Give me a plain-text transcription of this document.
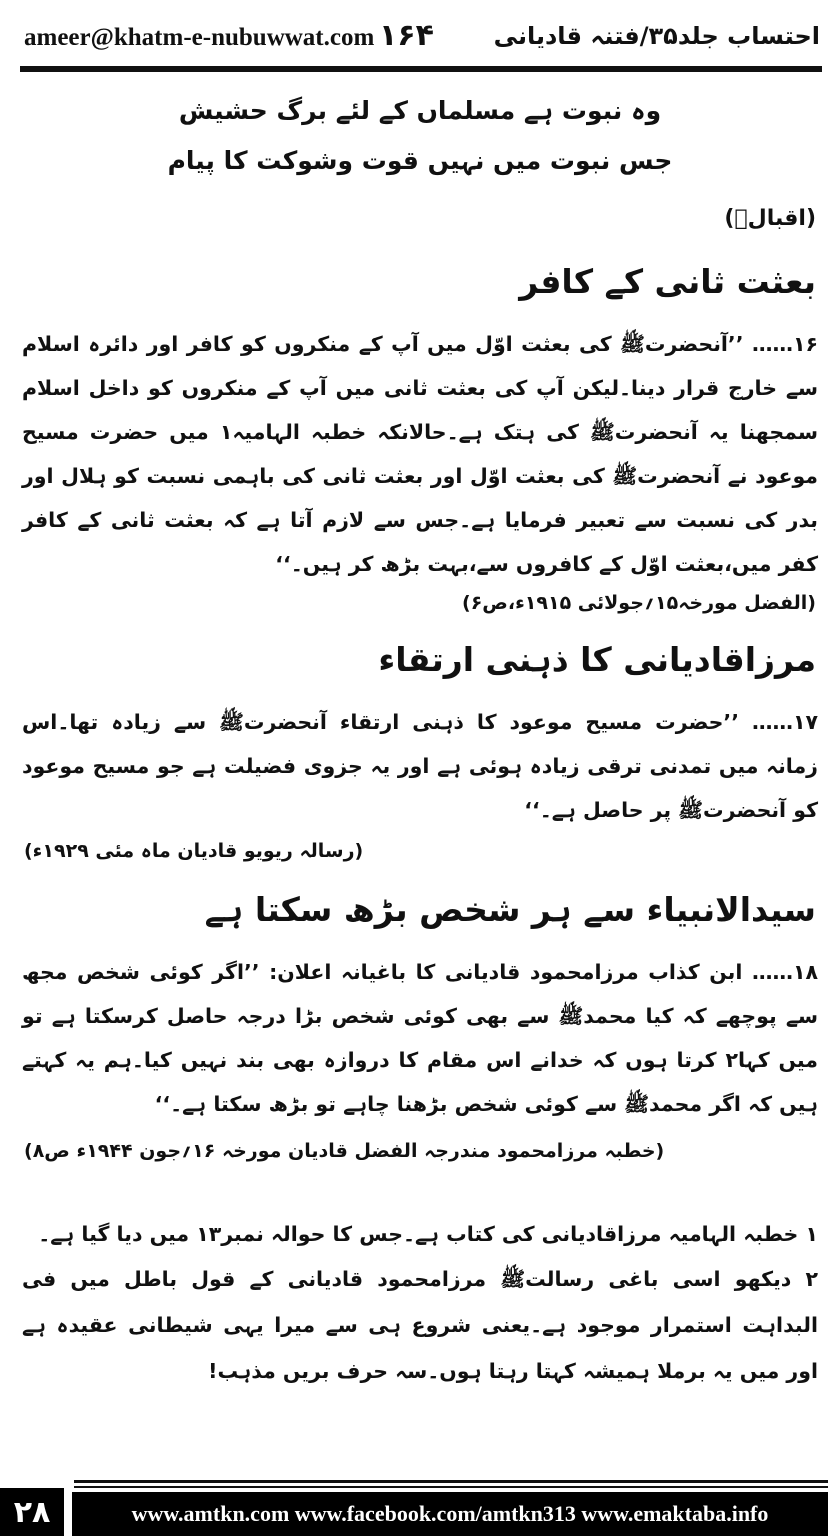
ameer@khatm-e-nubuwwat.com ۱۶۴ احتساب جلد۳۵/فتنہ قادیانی
وہ نبوت ہے مسلماں کے لئے برگ حشیش
جس نبوت میں نہیں قوت وشوکت کا پیام
(اقبالؒ)
بعثت ثانی کے کافر
۱۶…… ’’آنحضرتﷺ کی بعثت اوّل میں آپ کے منکروں کو کافر اور دائرہ اسلام سے خارج قرار دینا۔لیکن آپ کی بعثت ثانی میں آپ کے منکروں کو داخل اسلام سمجھنا یہ آنحضرتﷺ کی ہتک ہے۔حالانکہ خطبہ الہامیہ۱ میں حضرت مسیح موعود نے آنحضرتﷺ کی بعثت اوّل اور بعثت ثانی کی باہمی نسبت کو ہلال اور بدر کی نسبت سے تعبیر فرمایا ہے۔جس سے لازم آتا ہے کہ بعثت ثانی کے کافر کفر میں،بعثت اوّل کے کافروں سے،بہت بڑھ کر ہیں۔‘‘
(الفضل مورخہ۱۵؍جولائی ۱۹۱۵ء،ص۶)
مرزاقادیانی کا ذہنی ارتقاء
۱۷…… ’’حضرت مسیح موعود کا ذہنی ارتقاء آنحضرتﷺ سے زیادہ تھا۔اس زمانہ میں تمدنی ترقی زیادہ ہوئی ہے اور یہ جزوی فضیلت ہے جو مسیح موعود کو آنحضرتﷺ پر حاصل ہے۔‘‘
(رسالہ ریویو قادیان ماہ مئی ۱۹۲۹ء)
سیدالانبیاء سے ہر شخص بڑھ سکتا ہے
۱۸…… ابن کذاب مرزامحمود قادیانی کا باغیانہ اعلان: ’’اگر کوئی شخص مجھ سے پوچھے کہ کیا محمدﷺ سے بھی کوئی شخص بڑا درجہ حاصل کرسکتا ہے تو میں کہا۲ کرتا ہوں کہ خدانے اس مقام کا دروازہ بھی بند نہیں کیا۔ہم یہ کہتے ہیں کہ اگر محمدﷺ سے کوئی شخص بڑھنا چاہے تو بڑھ سکتا ہے۔‘‘
(خطبہ مرزامحمود مندرجہ الفضل قادیان مورخہ ۱۶؍جون ۱۹۴۴ء ص۸)
۱ خطبہ الہامیہ مرزاقادیانی کی کتاب ہے۔جس کا حوالہ نمبر۱۳ میں دیا گیا ہے۔
۲ دیکھو اسی باغی رسالتﷺ مرزامحمود قادیانی کے قول باطل میں فی البداہت استمرار موجود ہے۔یعنی شروع ہی سے میرا یہی شیطانی عقیدہ ہے اور میں یہ برملا ہمیشہ کہتا رہتا ہوں۔سہ حرف بریں مذہب!
۲۸	www.amtkn.com www.facebook.com/amtkn313 www.emaktaba.info
